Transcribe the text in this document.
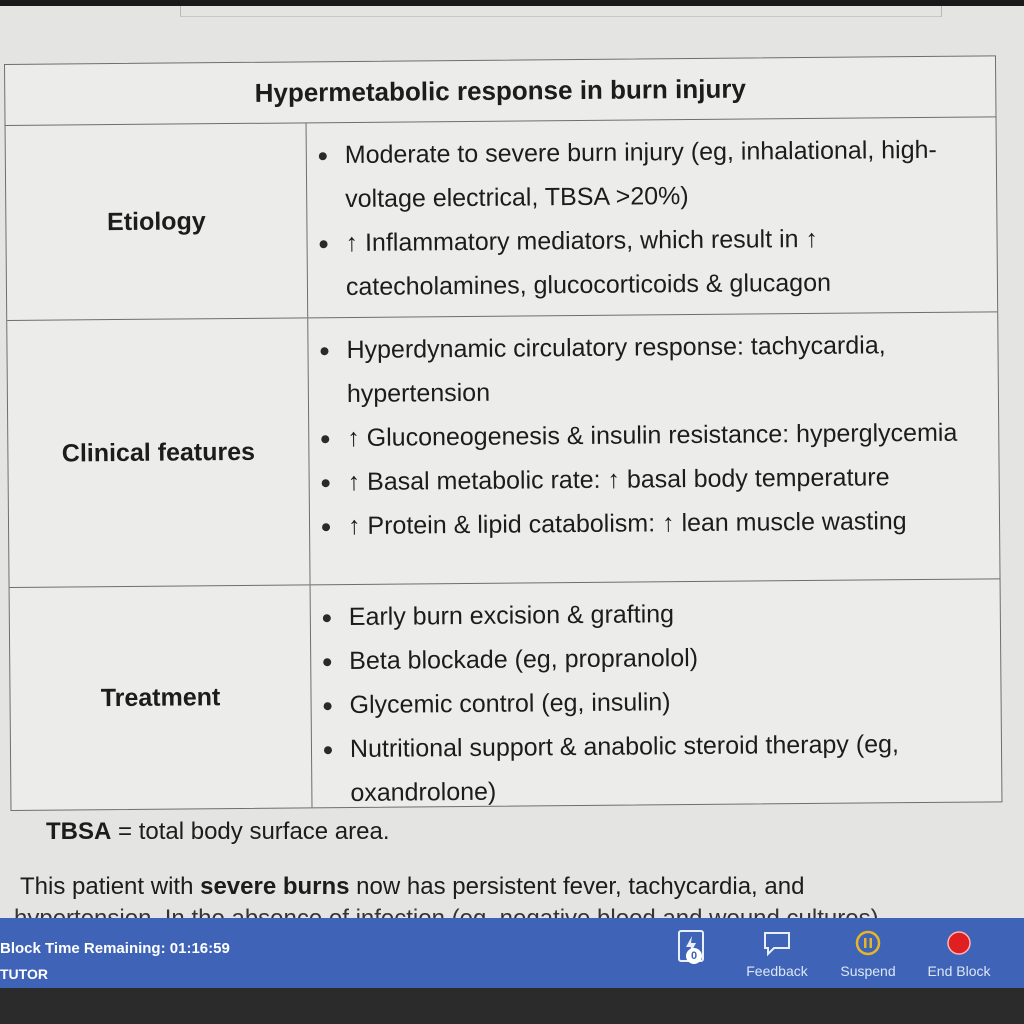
Hypermetabolic response in burn injury
Etiology
Moderate to severe burn injury (eg, inhalational, high-voltage electrical, TBSA >20%)
↑ Inflammatory mediators, which result in ↑ catecholamines, glucocorticoids & glucagon
Clinical features
Hyperdynamic circulatory response: tachycardia, hypertension
↑ Gluconeogenesis & insulin resistance: hyperglycemia
↑ Basal metabolic rate: ↑ basal body temperature
↑ Protein & lipid catabolism: ↑ lean muscle wasting
Treatment
Early burn excision & grafting
Beta blockade (eg, propranolol)
Glycemic control (eg, insulin)
Nutritional support & anabolic steroid therapy (eg, oxandrolone)
TBSA = total body surface area.
This patient with severe burns now has persistent fever, tachycardia, and
Block Time Remaining: 01:16:59
TUTOR
0
Feedback Suspend End Block
